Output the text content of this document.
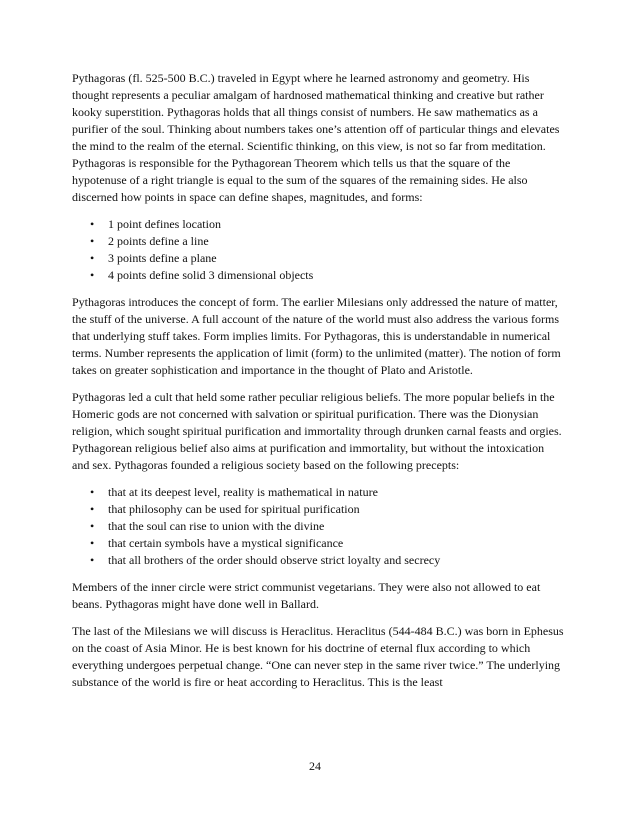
Pythagoras (fl. 525-500 B.C.) traveled in Egypt where he learned astronomy and geometry. His thought represents a peculiar amalgam of hardnosed mathematical thinking and creative but rather kooky superstition. Pythagoras holds that all things consist of numbers. He saw mathematics as a purifier of the soul. Thinking about numbers takes one’s attention off of particular things and elevates the mind to the realm of the eternal. Scientific thinking, on this view, is not so far from meditation. Pythagoras is responsible for the Pythagorean Theorem which tells us that the square of the hypotenuse of a right triangle is equal to the sum of the squares of the remaining sides. He also discerned how points in space can define shapes, magnitudes, and forms:

• 1 point defines location
• 2 points define a line
• 3 points define a plane
• 4 points define solid 3 dimensional objects

Pythagoras introduces the concept of form. The earlier Milesians only addressed the nature of matter, the stuff of the universe. A full account of the nature of the world must also address the various forms that underlying stuff takes. Form implies limits. For Pythagoras, this is understandable in numerical terms. Number represents the application of limit (form) to the unlimited (matter). The notion of form takes on greater sophistication and importance in the thought of Plato and Aristotle.

Pythagoras led a cult that held some rather peculiar religious beliefs. The more popular beliefs in the Homeric gods are not concerned with salvation or spiritual purification. There was the Dionysian religion, which sought spiritual purification and immortality through drunken carnal feasts and orgies. Pythagorean religious belief also aims at purification and immortality, but without the intoxication and sex. Pythagoras founded a religious society based on the following precepts:

• that at its deepest level, reality is mathematical in nature
• that philosophy can be used for spiritual purification
• that the soul can rise to union with the divine
• that certain symbols have a mystical significance
• that all brothers of the order should observe strict loyalty and secrecy

Members of the inner circle were strict communist vegetarians. They were also not allowed to eat beans. Pythagoras might have done well in Ballard.

The last of the Milesians we will discuss is Heraclitus. Heraclitus (544-484 B.C.) was born in Ephesus on the coast of Asia Minor. He is best known for his doctrine of eternal flux according to which everything undergoes perpetual change. “One can never step in the same river twice.” The underlying substance of the world is fire or heat according to Heraclitus. This is the least

24
